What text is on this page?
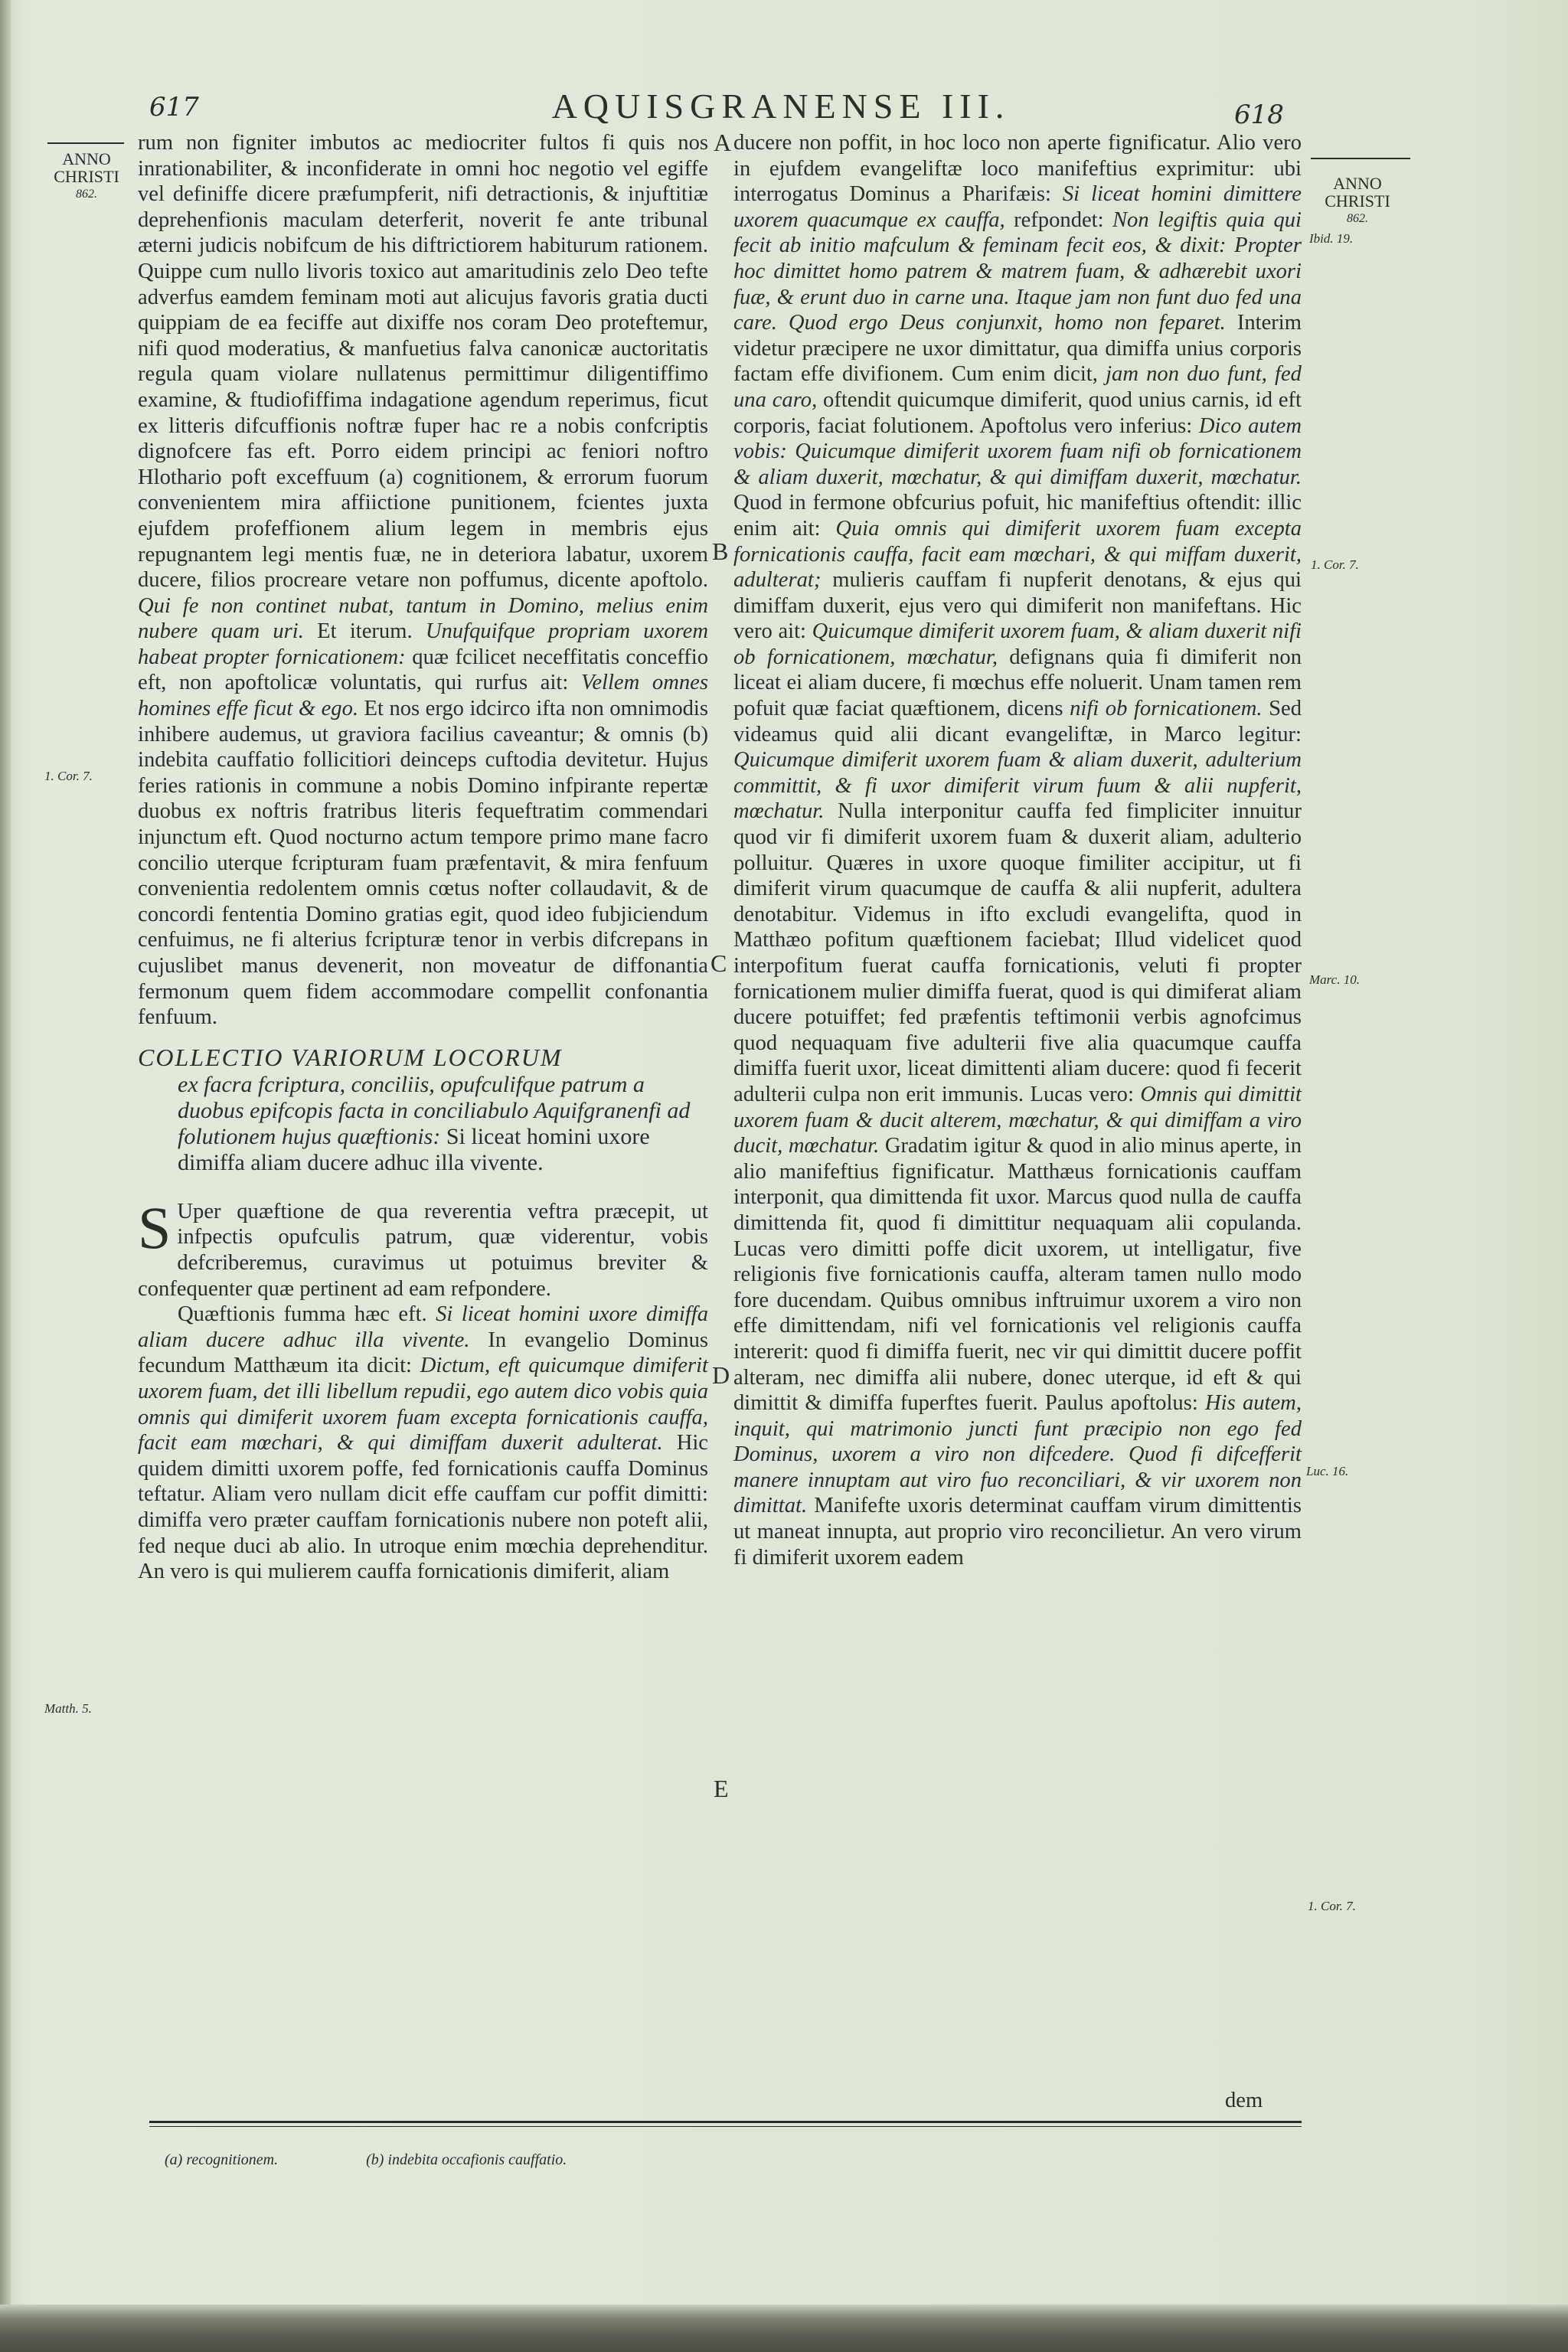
617	AQUISGRANENSE III.	618
ANNO
CHRISTI
862.
1. Cor. 7.
Matth. 5.
ANNO
CHRISTI
862.
Ibid. 19.
1. Cor. 7.
Marc. 10.
Luc. 16.
1. Cor. 7.
A
B
C
D
E

rum non figniter imbutos ac mediocriter fultos fi quis nos inrationabiliter, & inconfiderate in omni hoc negotio vel egiffe vel definiffe dicere præfumpferit, nifi detractionis, & injuftitiæ deprehenfionis maculam deterferit, noverit fe ante tribunal æterni judicis nobifcum de his diftrictiorem habiturum rationem. Quippe cum nullo livoris toxico aut amaritudinis zelo Deo tefte adverfus eamdem feminam moti aut alicujus favoris gratia ducti quippiam de ea feciffe aut dixiffe nos coram Deo proteftemur, nifi quod moderatius, & manfuetius falva canonicæ auctoritatis regula quam violare nullatenus permittimur diligentiffimo examine, & ftudiofiffima indagatione agendum reperimus, ficut ex litteris difcuffionis noftræ fuper hac re a nobis confcriptis dignofcere fas eft. Porro eidem principi ac feniori noftro Hlothario poft exceffuum (a) cognitionem, & errorum fuorum convenientem mira affiictione punitionem, fcientes juxta ejufdem profeffionem alium legem in membris ejus repugnantem legi mentis fuæ, ne in deteriora labatur, uxorem ducere, filios procreare vetare non poffumus, dicente apoftolo. Qui fe non continet nubat, tantum in Domino, melius enim nubere quam uri. Et iterum. Unufquifque propriam uxorem habeat propter fornicationem: quæ fcilicet neceffitatis conceffio eft, non apoftolicæ voluntatis, qui rurfus ait: Vellem omnes homines effe ficut & ego. Et nos ergo idcirco ifta non omnimodis inhibere audemus, ut graviora facilius caveantur; & omnis (b) indebita cauffatio follicitiori deinceps cuftodia devitetur. Hujus feries rationis in commune a nobis Domino infpirante repertæ duobus ex noftris fratribus literis fequeftratim commendari injunctum eft. Quod nocturno actum tempore primo mane facro concilio uterque fcripturam fuam præfentavit, & mira fenfuum convenientia redolentem omnis cœtus nofter collaudavit, & de concordi fententia Domino gratias egit, quod ideo fubjiciendum cenfuimus, ne fi alterius fcripturæ tenor in verbis difcrepans in cujuslibet manus devenerit, non moveatur de diffonantia fermonum quem fidem accommodare compellit confonantia fenfuum.

COLLECTIO VARIORUM LOCORUM
ex facra fcriptura, conciliis, opufculifque patrum a duobus epifcopis facta in conciliabulo Aquifgranenfi ad folutionem hujus quæftionis: Si liceat homini uxore dimiffa aliam ducere adhuc illa vivente.

S Uper quæftione de qua reverentia veftra præcepit, ut infpectis opufculis patrum, quæ viderentur, vobis defcriberemus, curavimus ut potuimus breviter & confequenter quæ pertinent ad eam refpondere.

Quæftionis fumma hæc eft. Si liceat homini uxore dimiffa aliam ducere adhuc illa vivente. In evangelio Dominus fecundum Matthæum ita dicit: Dictum, eft quicumque dimiferit uxorem fuam, det illi libellum repudii, ego autem dico vobis quia omnis qui dimiferit uxorem fuam excepta fornicationis cauffa, facit eam mœchari, & qui dimiffam duxerit adulterat. Hic quidem dimitti uxorem poffe, fed fornicationis cauffa Dominus teftatur. Aliam vero nullam dicit effe cauffam cur poffit dimitti: dimiffa vero præter cauffam fornicationis nubere non poteft alii, fed neque duci ab alio. In utroque enim mœchia deprehenditur. An vero is qui mulierem cauffa fornicationis dimiferit, aliam

ducere non poffit, in hoc loco non aperte fignificatur. Alio vero in ejufdem evangeliftæ loco manifeftius exprimitur: ubi interrogatus Dominus a Pharifæis: Si liceat homini dimittere uxorem quacumque ex cauffa, refpondet: Non legiftis quia qui fecit ab initio mafculum & feminam fecit eos, & dixit: Propter hoc dimittet homo patrem & matrem fuam, & adhærebit uxori fuæ, & erunt duo in carne una. Itaque jam non funt duo fed una care. Quod ergo Deus conjunxit, homo non feparet. Interim videtur præcipere ne uxor dimittatur, qua dimiffa unius corporis factam effe divifionem. Cum enim dicit, jam non duo funt, fed una caro, oftendit quicumque dimiferit, quod unius carnis, id eft corporis, faciat folutionem. Apoftolus vero inferius: Dico autem vobis: Quicumque dimiferit uxorem fuam nifi ob fornicationem & aliam duxerit, mœchatur, & qui dimiffam duxerit, mœchatur. Quod in fermone obfcurius pofuit, hic manifeftius oftendit: illic enim ait: Quia omnis qui dimiferit uxorem fuam excepta fornicationis cauffa, facit eam mœchari, & qui miffam duxerit, adulterat; mulieris cauffam fi nupferit denotans, & ejus qui dimiffam duxerit, ejus vero qui dimiferit non manifeftans. Hic vero ait: Quicumque dimiferit uxorem fuam, & aliam duxerit nifi ob fornicationem, mœchatur, defignans quia fi dimiferit non liceat ei aliam ducere, fi mœchus effe noluerit. Unam tamen rem pofuit quæ faciat quæftionem, dicens nifi ob fornicationem. Sed videamus quid alii dicant evangeliftæ, in Marco legitur: Quicumque dimiferit uxorem fuam & aliam duxerit, adulterium committit, & fi uxor dimiferit virum fuum & alii nupferit, mœchatur. Nulla interponitur cauffa fed fimpliciter innuitur quod vir fi dimiferit uxorem fuam & duxerit aliam, adulterio polluitur. Quæres in uxore quoque fimiliter accipitur, ut fi dimiferit virum quacumque de cauffa & alii nupferit, adultera denotabitur. Videmus in ifto excludi evangelifta, quod in Matthæo pofitum quæftionem faciebat; Illud videlicet quod interpofitum fuerat cauffa fornicationis, veluti fi propter fornicationem mulier dimiffa fuerat, quod is qui dimiferat aliam ducere potuiffet; fed præfentis teftimonii verbis agnofcimus quod nequaquam five adulterii five alia quacumque cauffa dimiffa fuerit uxor, liceat dimittenti aliam ducere: quod fi fecerit adulterii culpa non erit immunis. Lucas vero: Omnis qui dimittit uxorem fuam & ducit alterem, mœchatur, & qui dimiffam a viro ducit, mœchatur. Gradatim igitur & quod in alio minus aperte, in alio manifeftius fignificatur. Matthæus fornicationis cauffam interponit, qua dimittenda fit uxor. Marcus quod nulla de cauffa dimittenda fit, quod fi dimittitur nequaquam alii copulanda. Lucas vero dimitti poffe dicit uxorem, ut intelligatur, five religionis five fornicationis cauffa, alteram tamen nullo modo fore ducendam. Quibus omnibus inftruimur uxorem a viro non effe dimittendam, nifi vel fornicationis vel religionis cauffa intererit: quod fi dimiffa fuerit, nec vir qui dimittit ducere poffit alteram, nec dimiffa alii nubere, donec uterque, id eft & qui dimittit & dimiffa fuperftes fuerit. Paulus apoftolus: His autem, inquit, qui matrimonio juncti funt præcipio non ego fed Dominus, uxorem a viro non difcedere. Quod fi difcefferit manere innuptam aut viro fuo reconciliari, & vir uxorem non dimittat. Manifefte uxoris determinat cauffam virum dimittentis ut maneat innupta, aut proprio viro reconcilietur. An vero virum fi dimiferit uxorem eadem

dem
(a) recognitionem.	(b) indebita occafionis cauffatio.
